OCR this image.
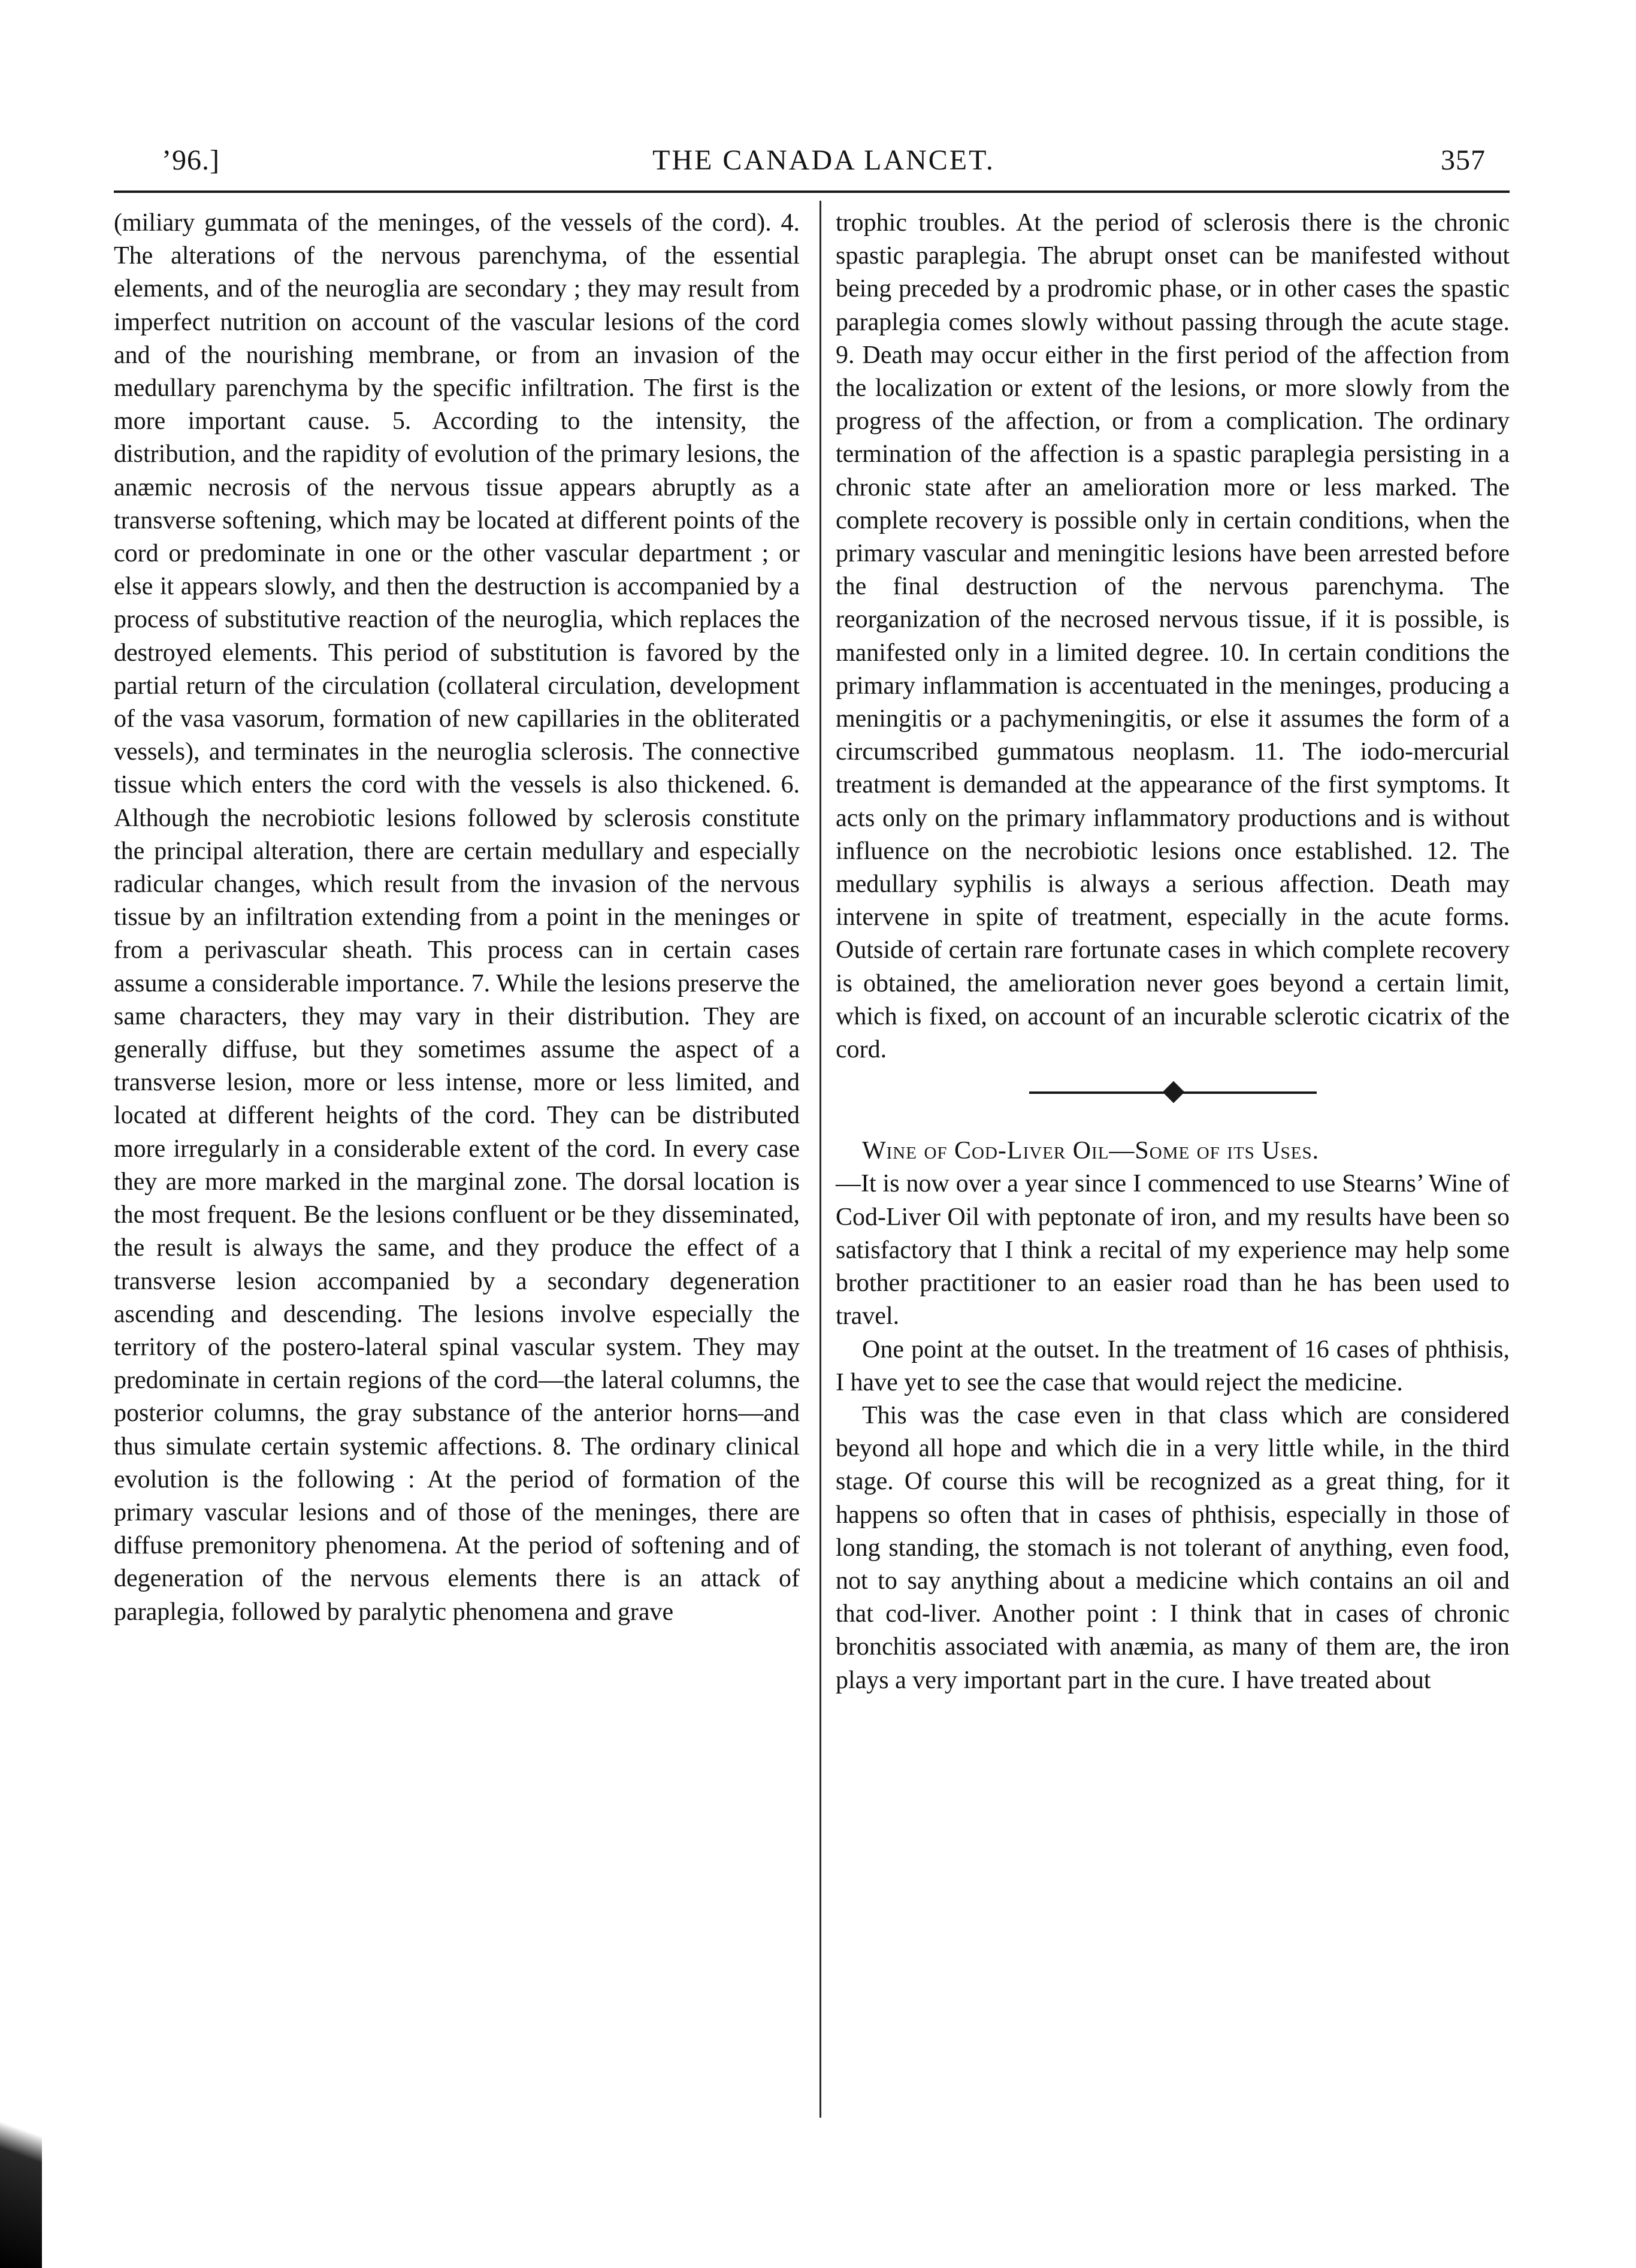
’96.]	THE CANADA LANCET.	357

(miliary gummata of the meninges, of the vessels of the cord). 4. The alterations of the nervous parenchyma, of the essential elements, and of the neuroglia are secondary ; they may result from imperfect nutrition on account of the vascular lesions of the cord and of the nourishing membrane, or from an invasion of the medullary parenchyma by the specific infiltration. The first is the more important cause. 5. According to the intensity, the distribution, and the rapidity of evolution of the primary lesions, the anæmic necrosis of the nervous tissue appears abruptly as a transverse softening, which may be located at different points of the cord or predominate in one or the other vascular department ; or else it appears slowly, and then the destruction is accompanied by a process of substitutive reaction of the neuroglia, which replaces the destroyed elements. This period of substitution is favored by the partial return of the circulation (collateral circulation, development of the vasa vasorum, formation of new capillaries in the obliterated vessels), and terminates in the neuroglia sclerosis. The connective tissue which enters the cord with the vessels is also thickened. 6. Although the necrobiotic lesions followed by sclerosis constitute the principal alteration, there are certain medullary and especially radicular changes, which result from the invasion of the nervous tissue by an infiltration extending from a point in the meninges or from a perivascular sheath. This process can in certain cases assume a considerable importance. 7. While the lesions preserve the same characters, they may vary in their distribution. They are generally diffuse, but they sometimes assume the aspect of a transverse lesion, more or less intense, more or less limited, and located at different heights of the cord. They can be distributed more irregularly in a considerable extent of the cord. In every case they are more marked in the marginal zone. The dorsal location is the most frequent. Be the lesions confluent or be they disseminated, the result is always the same, and they produce the effect of a transverse lesion accompanied by a secondary degeneration ascending and descending. The lesions involve especially the territory of the postero-lateral spinal vascular system. They may predominate in certain regions of the cord—the lateral columns, the posterior columns, the gray substance of the anterior horns—and thus simulate certain systemic affections. 8. The ordinary clinical evolution is the following : At the period of formation of the primary vascular lesions and of those of the meninges, there are diffuse premonitory phenomena. At the period of softening and of degeneration of the nervous elements there is an attack of paraplegia, followed by paralytic phenomena and grave

trophic troubles. At the period of sclerosis there is the chronic spastic paraplegia. The abrupt onset can be manifested without being preceded by a prodromic phase, or in other cases the spastic paraplegia comes slowly without passing through the acute stage. 9. Death may occur either in the first period of the affection from the localization or extent of the lesions, or more slowly from the progress of the affection, or from a complication. The ordinary termination of the affection is a spastic paraplegia persisting in a chronic state after an amelioration more or less marked. The complete recovery is possible only in certain conditions, when the primary vascular and meningitic lesions have been arrested before the final destruction of the nervous parenchyma. The reorganization of the necrosed nervous tissue, if it is possible, is manifested only in a limited degree. 10. In certain conditions the primary inflammation is accentuated in the meninges, producing a meningitis or a pachymeningitis, or else it assumes the form of a circumscribed gummatous neoplasm. 11. The iodo-mercurial treatment is demanded at the appearance of the first symptoms. It acts only on the primary inflammatory productions and is without influence on the necrobiotic lesions once established. 12. The medullary syphilis is always a serious affection. Death may intervene in spite of treatment, especially in the acute forms. Outside of certain rare fortunate cases in which complete recovery is obtained, the amelioration never goes beyond a certain limit, which is fixed, on account of an incurable sclerotic cicatrix of the cord.

Wine of Cod-Liver Oil—Some of its Uses.

—It is now over a year since I commenced to use Stearns’ Wine of Cod-Liver Oil with peptonate of iron, and my results have been so satisfactory that I think a recital of my experience may help some brother practitioner to an easier road than he has been used to travel.

One point at the outset. In the treatment of 16 cases of phthisis, I have yet to see the case that would reject the medicine.

This was the case even in that class which are considered beyond all hope and which die in a very little while, in the third stage. Of course this will be recognized as a great thing, for it happens so often that in cases of phthisis, especially in those of long standing, the stomach is not tolerant of anything, even food, not to say anything about a medicine which contains an oil and that cod-liver. Another point : I think that in cases of chronic bronchitis associated with anæmia, as many of them are, the iron plays a very important part in the cure. I have treated about
